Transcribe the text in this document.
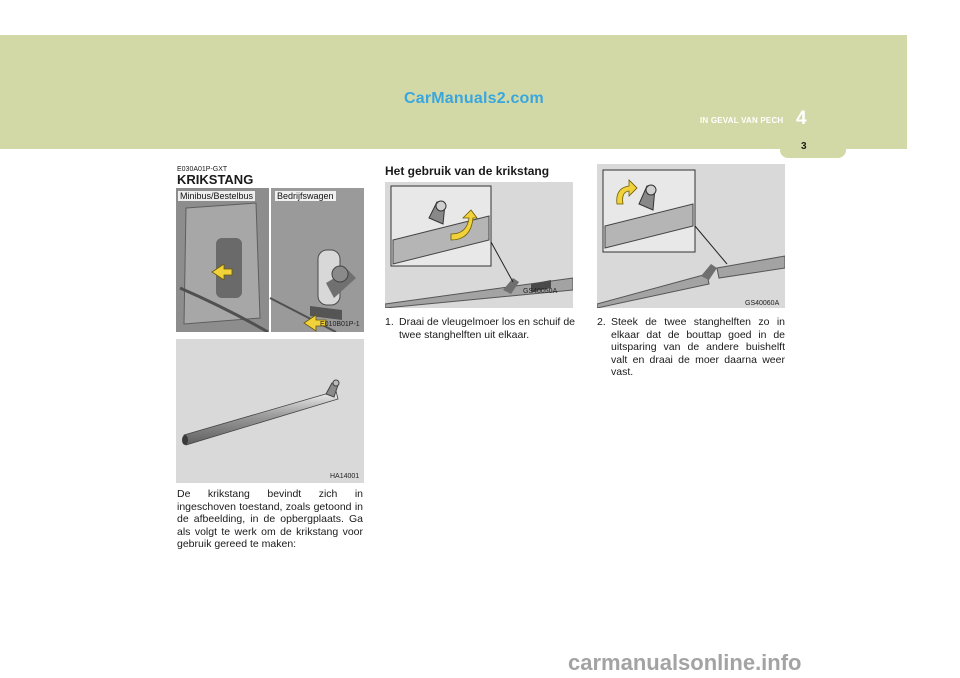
CarManuals2.com
4
IN GEVAL VAN PECH
3
E030A01P-GXT
KRIKSTANG
Minibus/Bestelbus	Bedrijfswagen
E010B01P-1
HA14001
De krikstang bevindt zich in ingeschoven toestand, zoals getoond in de afbeelding, in de opbergplaats. Ga als volgt te werk om de krikstang voor gebruik gereed te maken:
Het gebruik van de krikstang
GS40050A
1. Draai de vleugelmoer los en schuif de twee stanghelften uit elkaar.
GS40060A
2. Steek de twee stanghelften zo in elkaar dat de bouttap goed in de uitsparing van de andere buishelft valt en draai de moer daarna weer vast.
carmanualsonline.info
